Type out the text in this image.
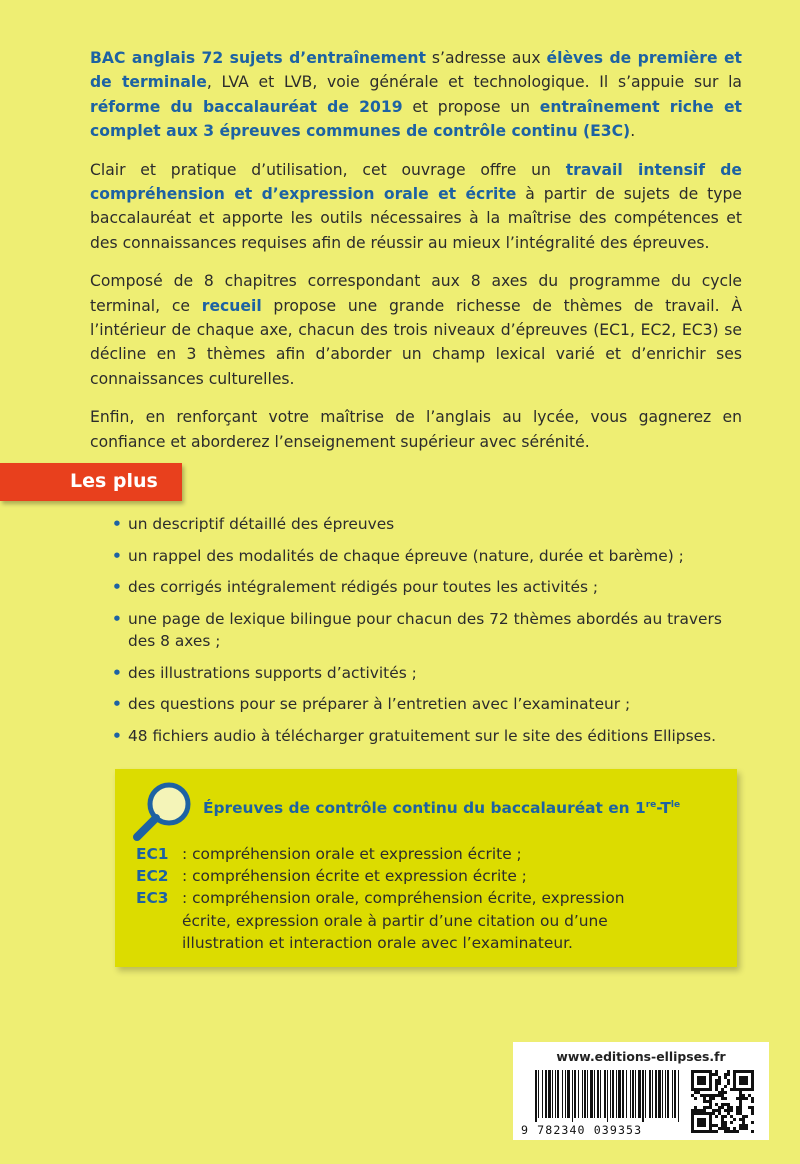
BAC anglais 72 sujets d’entraînement s’adresse aux élèves de première et de terminale, LVA et LVB, voie générale et technologique. Il s’appuie sur la réforme du baccalauréat de 2019 et propose un entraînement riche et complet aux 3 épreuves communes de contrôle continu (E3C).

Clair et pratique d’utilisation, cet ouvrage offre un travail intensif de compréhension et d’expression orale et écrite à partir de sujets de type baccalauréat et apporte les outils nécessaires à la maîtrise des compétences et des connaissances requises afin de réussir au mieux l’intégralité des épreuves.

Composé de 8 chapitres correspondant aux 8 axes du programme du cycle terminal, ce recueil propose une grande richesse de thèmes de travail. À l’intérieur de chaque axe, chacun des trois niveaux d’épreuves (EC1, EC2, EC3) se décline en 3 thèmes afin d’aborder un champ lexical varié et d’enrichir ses connaissances culturelles.

Enfin, en renforçant votre maîtrise de l’anglais au lycée, vous gagnerez en confiance et aborderez l’enseignement supérieur avec sérénité.

Les plus
• un descriptif détaillé des épreuves
• un rappel des modalités de chaque épreuve (nature, durée et barème) ;
• des corrigés intégralement rédigés pour toutes les activités ;
• une page de lexique bilingue pour chacun des 72 thèmes abordés au travers des 8 axes ;
• des illustrations supports d’activités ;
• des questions pour se préparer à l’entretien avec l’examinateur ;
• 48 fichiers audio à télécharger gratuitement sur le site des éditions Ellipses.
Épreuves de contrôle continu du baccalauréat en $1re-T^{le}$
EC1 : compréhension orale et expression écrite ;
EC2 : compréhension écrite et expression écrite ;
EC3 : compréhension orale, compréhension écrite, expression écrite, expression orale à partir d’une citation ou d’une illustration et interaction orale avec l’examinateur.
www.editions-ellipses.fr
9 782340 039353
